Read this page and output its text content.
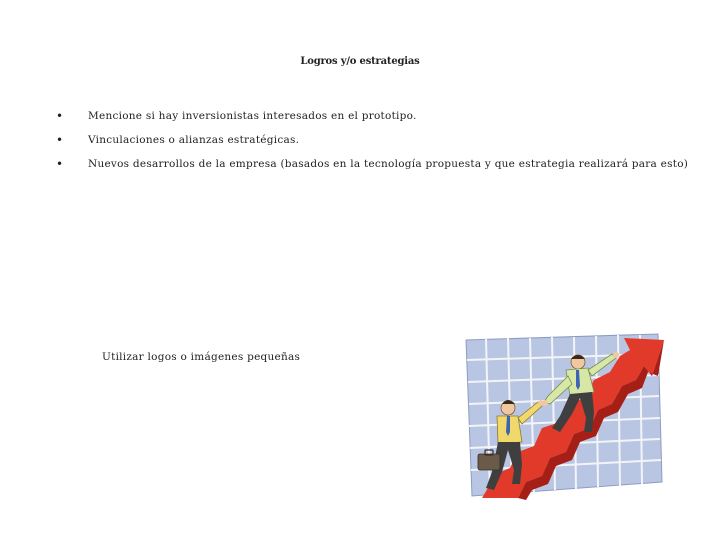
Logros y/o estrategias
• Mencione si hay inversionistas interesados en el prototipo.
• Vinculaciones o alianzas estratégicas.
• Nuevos desarrollos de la empresa (basados en la tecnología propuesta y que estrategia realizará para esto)
Utilizar logos o imágenes pequeñas
